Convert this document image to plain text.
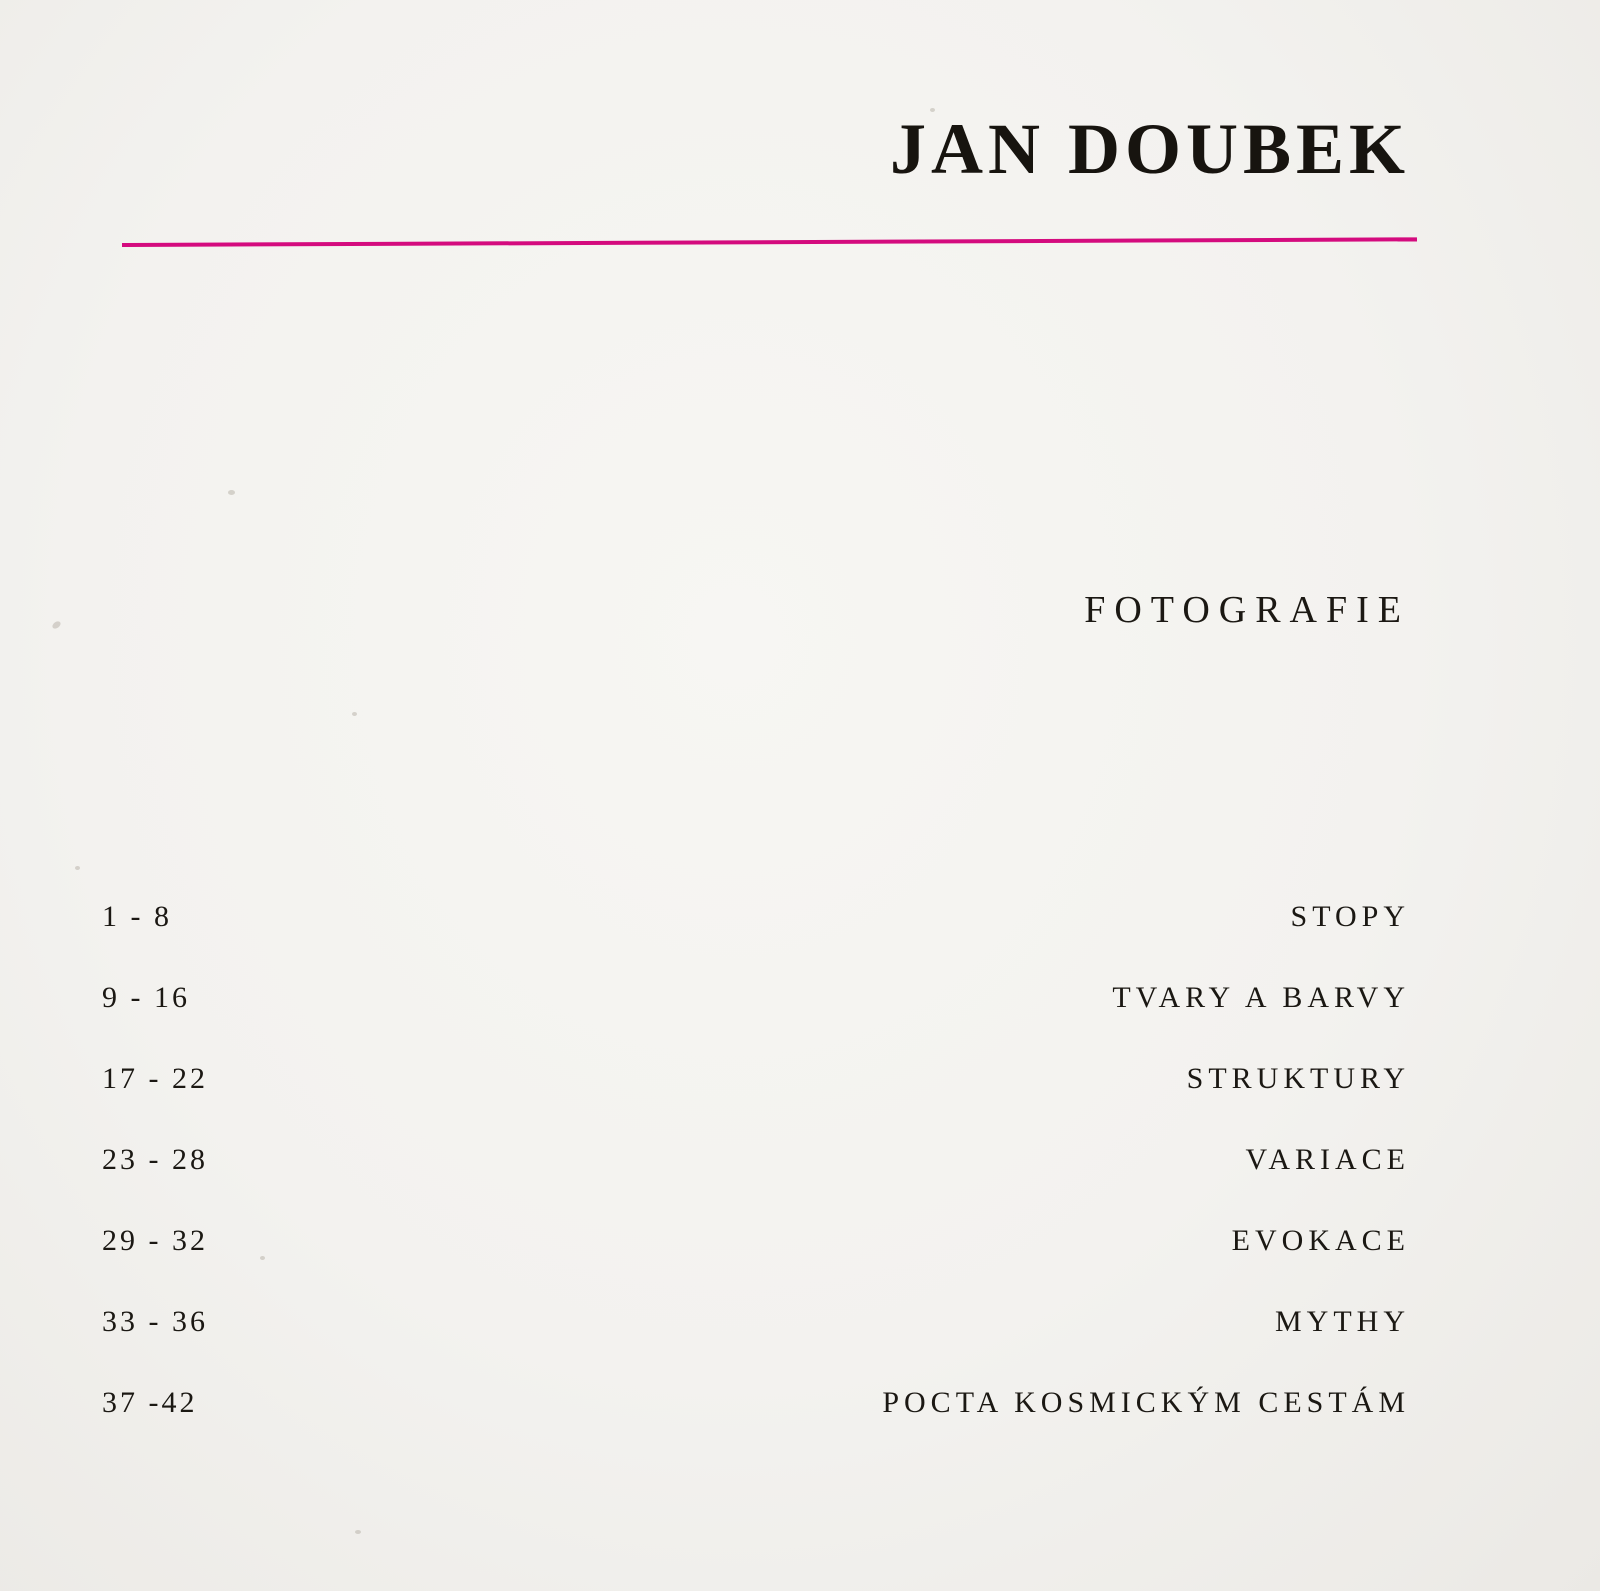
JAN DOUBEK
FOTOGRAFIE
1 - 8	STOPY
9 - 16	TVARY A BARVY
17 - 22	STRUKTURY
23 - 28	VARIACE
29 - 32	EVOKACE
33 - 36	MYTHY
37 -42	POCTA KOSMICKÝM CESTÁM
